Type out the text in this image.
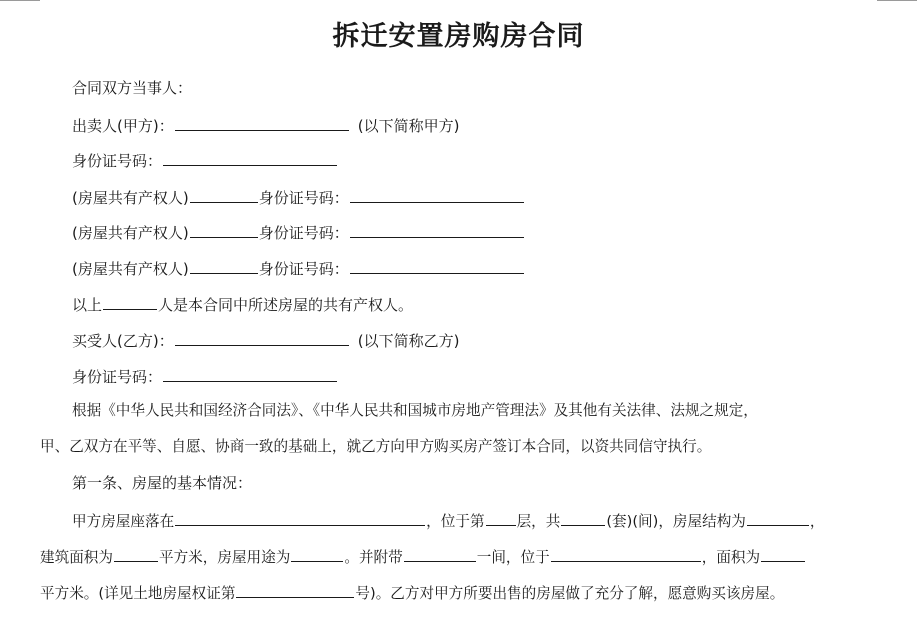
拆迁安置房购房合同
合同双方当事人：
出卖人(甲方)：	(以下简称甲方)
身份证号码：
(房屋共有产权人)	身份证号码：
(房屋共有产权人)	身份证号码：
(房屋共有产权人)	身份证号码：
以上	人是本合同中所述房屋的共有产权人。
买受人(乙方)：	(以下简称乙方)
身份证号码：
根据《中华人民共和国经济合同法》、《中华人民共和国城市房地产管理法》及其他有关法律、法规之规定，
甲、乙双方在平等、自愿、协商一致的基础上，就乙方向甲方购买房产签订本合同，以资共同信守执行。
第一条、房屋的基本情况：
甲方房屋座落在	，位于第 层，共	(套)(间)，房屋结构为	，
建筑面积为	平方米，房屋用途为	。并附带	一间，位于	，面积为
平方米。(详见土地房屋权证第	号)。乙方对甲方所要出售的房屋做了充分了解，愿意购买该房屋。
